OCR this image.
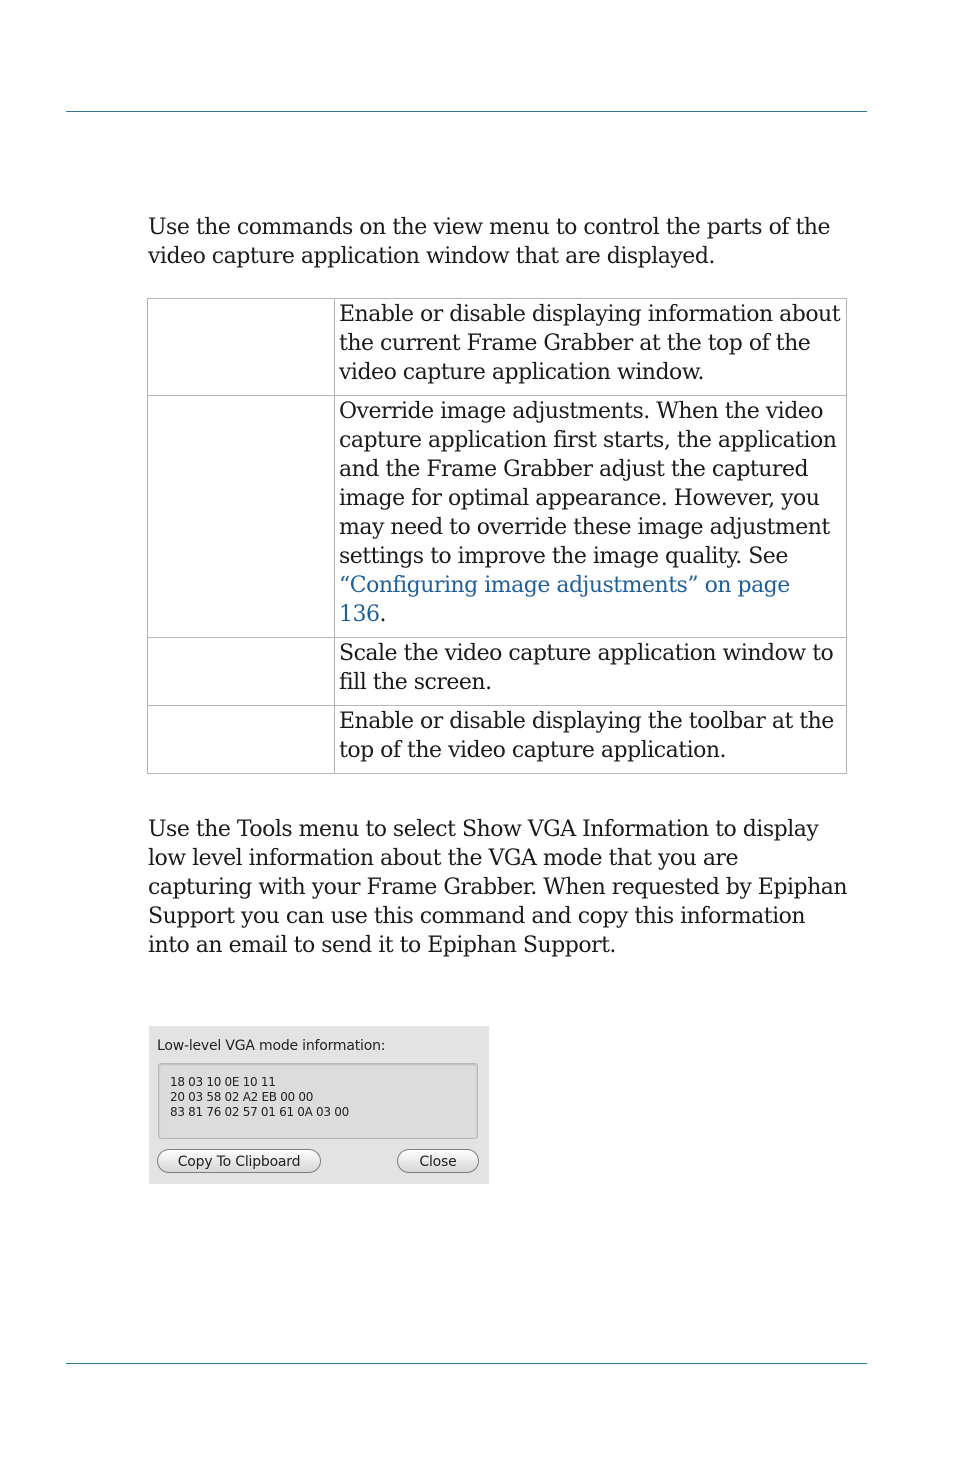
Use the commands on the view menu to control the parts of the video capture application window that are displayed.

	Enable or disable displaying information about the current Frame Grabber at the top of the video capture application window.
	Override image adjustments. When the video capture application first starts, the application and the Frame Grabber adjust the captured image for optimal appearance. However, you may need to override these image adjustment settings to improve the image quality. See “Configuring image adjustments” on page 136.
	Scale the video capture application window to fill the screen.
	Enable or disable displaying the toolbar at the top of the video capture application.

Use the Tools menu to select Show VGA Information to display low level information about the VGA mode that you are capturing with your Frame Grabber. When requested by Epiphan Support you can use this command and copy this information into an email to send it to Epiphan Support.

Low-level VGA mode information:
18 03 10 0E 10 11
20 03 58 02 A2 EB 00 00
83 81 76 02 57 01 61 0A 03 00
Copy To Clipboard	Close
